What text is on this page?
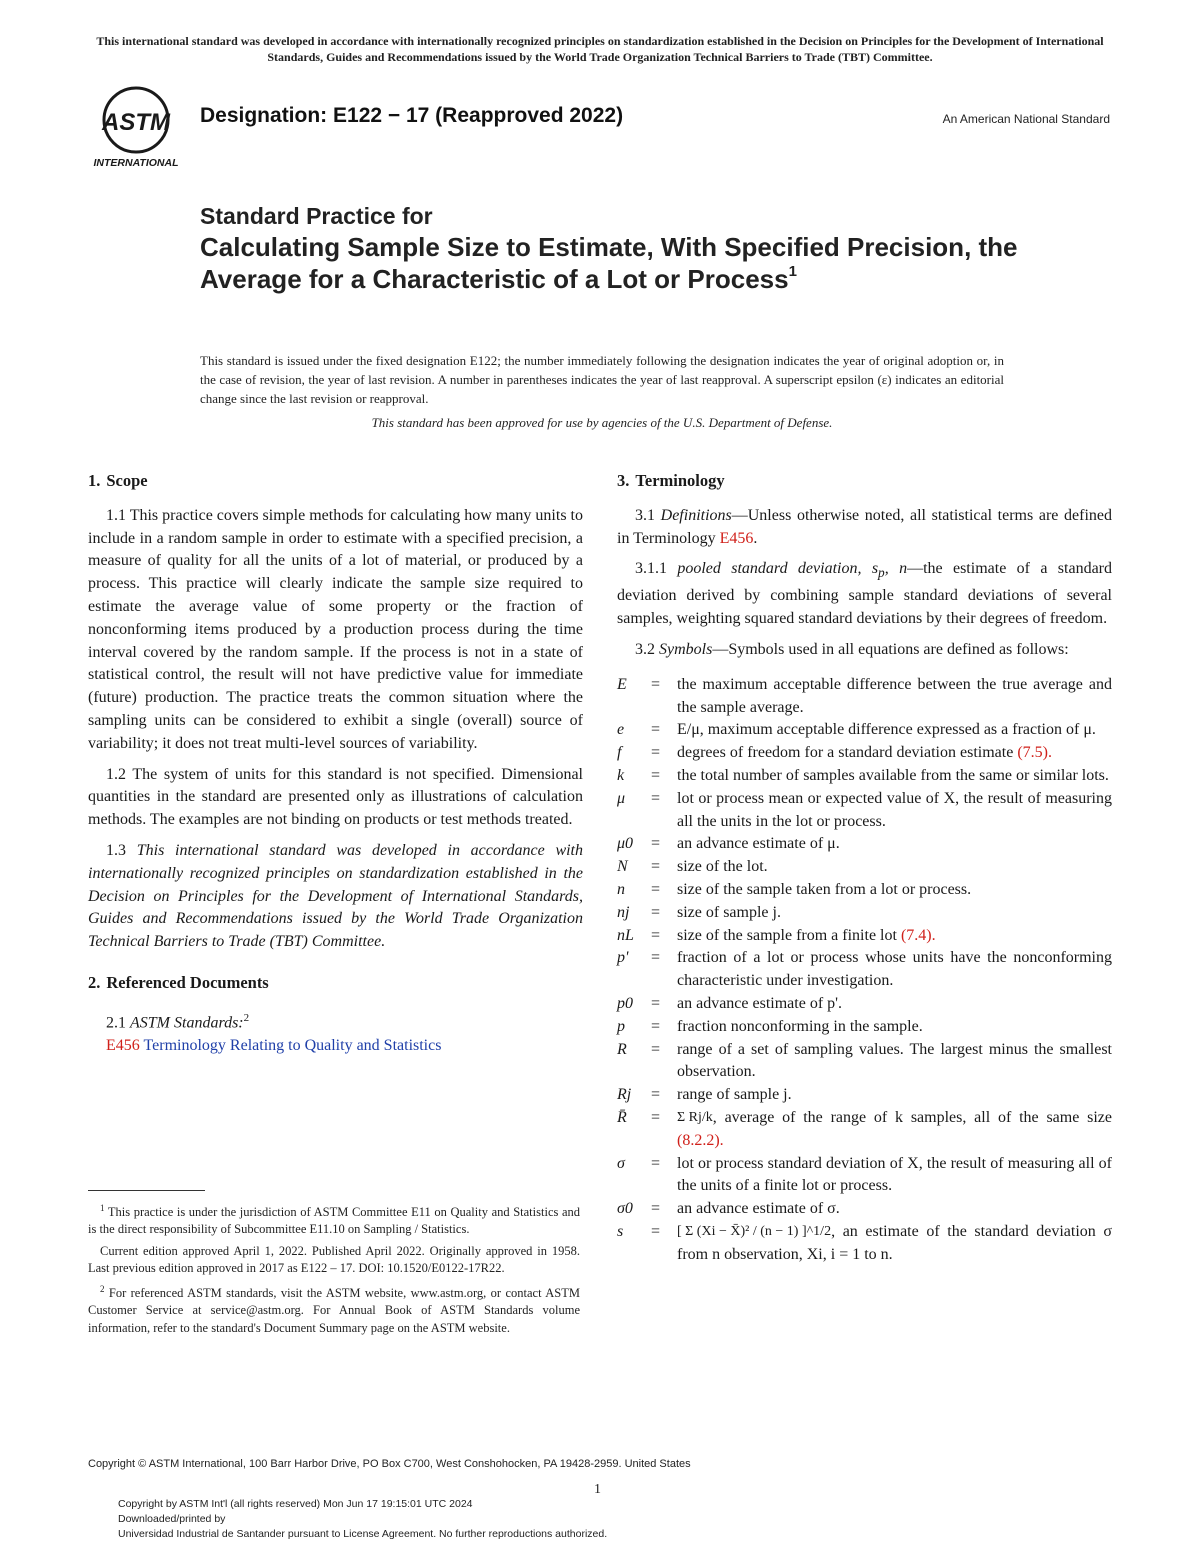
This international standard was developed in accordance with internationally recognized principles on standardization established in the Decision on Principles for the Development of International Standards, Guides and Recommendations issued by the World Trade Organization Technical Barriers to Trade (TBT) Committee.
ASTM
INTERNATIONAL
Designation: E122 − 17 (Reapproved 2022)	An American National Standard
Standard Practice for
Calculating Sample Size to Estimate, With Specified Precision, the Average for a Characteristic of a Lot or Process$^1$
This standard is issued under the fixed designation E122; the number immediately following the designation indicates the year of original adoption or, in the case of revision, the year of last revision. A number in parentheses indicates the year of last reapproval. A superscript epsilon (ε) indicates an editorial change since the last revision or reapproval.
This standard has been approved for use by agencies of the U.S. Department of Defense.
1. Scope

1.1 This practice covers simple methods for calculating how many units to include in a random sample in order to estimate with a specified precision, a measure of quality for all the units of a lot of material, or produced by a process. This practice will clearly indicate the sample size required to estimate the average value of some property or the fraction of nonconforming items produced by a production process during the time interval covered by the random sample. If the process is not in a state of statistical control, the result will not have predictive value for immediate (future) production. The practice treats the common situation where the sampling units can be considered to exhibit a single (overall) source of variability; it does not treat multi-level sources of variability.

1.2 The system of units for this standard is not specified. Dimensional quantities in the standard are presented only as illustrations of calculation methods. The examples are not binding on products or test methods treated.

1.3 This international standard was developed in accordance with internationally recognized principles on standardization established in the Decision on Principles for the Development of International Standards, Guides and Recommendations issued by the World Trade Organization Technical Barriers to Trade (TBT) Committee.

2. Referenced Documents

2.1 ASTM Standards:$^2$

E456 Terminology Relating to Quality and Statistics

$^1$ This practice is under the jurisdiction of ASTM Committee E11 on Quality and Statistics and is the direct responsibility of Subcommittee E11.10 on Sampling / Statistics.

Current edition approved April 1, 2022. Published April 2022. Originally approved in 1958. Last previous edition approved in 2017 as E122 – 17. DOI: 10.1520/E0122-17R22.

$^2$ For referenced ASTM standards, visit the ASTM website, www.astm.org, or contact ASTM Customer Service at service@astm.org. For Annual Book of ASTM Standards volume information, refer to the standard's Document Summary page on the ASTM website.

3. Terminology

3.1 Definitions—Unless otherwise noted, all statistical terms are defined in Terminology E456.

3.1.1 pooled standard deviation, $s_p$, n—the estimate of a standard deviation derived by combining sample standard deviations of several samples, weighting squared standard deviations by their degrees of freedom.

3.2 Symbols—Symbols used in all equations are defined as follows:

E	=	the maximum acceptable difference between the true average and the sample average.
e	=	E/μ, maximum acceptable difference expressed as a fraction of μ.
f	=	degrees of freedom for a standard deviation estimate (7.5).
k	=	the total number of samples available from the same or similar lots.
μ	=	lot or process mean or expected value of X, the result of measuring all the units in the lot or process.
μ0	=	an advance estimate of μ.
N	=	size of the lot.
n	=	size of the sample taken from a lot or process.
nj	=	size of sample j.
nL	=	size of the sample from a finite lot (7.4).
p'	=	fraction of a lot or process whose units have the nonconforming characteristic under investigation.
p0	=	an advance estimate of p'.
p	=	fraction nonconforming in the sample.
R	=	range of a set of sampling values. The largest minus the smallest observation.
Rj	=	range of sample j.
R̄	=	Σ Rj/k, average of the range of k samples, all of the same size (8.2.2).
σ	=	lot or process standard deviation of X, the result of measuring all of the units of a finite lot or process.
σ0	=	an advance estimate of σ.
s	=	[ Σ (Xi − X̄)² / (n − 1) ]^1/2, an estimate of the standard deviation σ from n observation, Xi, i = 1 to n.
Copyright © ASTM International, 100 Barr Harbor Drive, PO Box C700, West Conshohocken, PA 19428-2959. United States
1
Copyright by ASTM Int'l (all rights reserved) Mon Jun 17 19:15:01 UTC 2024
Downloaded/printed by
Universidad Industrial de Santander pursuant to License Agreement. No further reproductions authorized.
